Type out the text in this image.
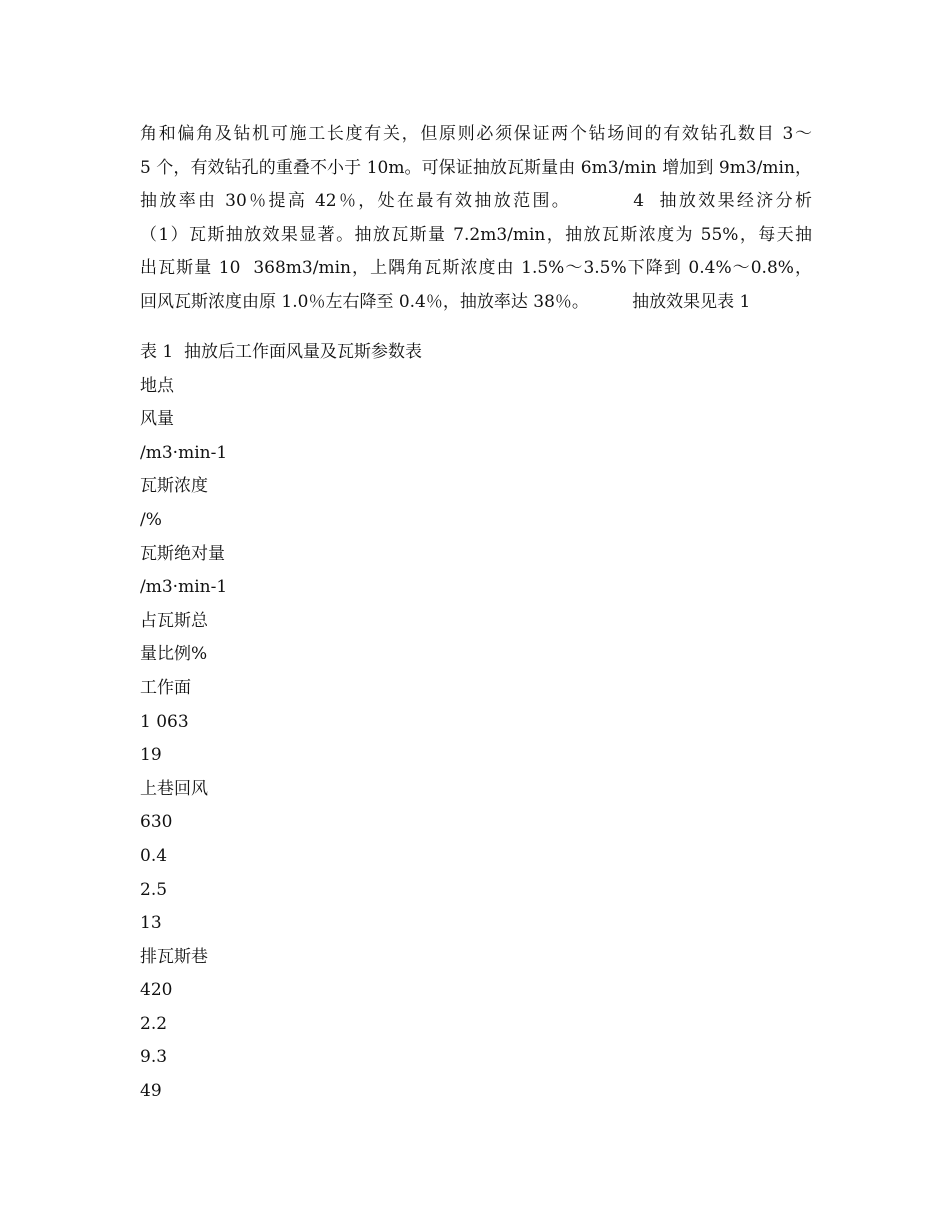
角和偏角及钻机可施工长度有关，但原则必须保证两个钻场间的有效钻孔数目 3～
5 个，有效钻孔的重叠不小于 10m。可保证抽放瓦斯量由 6m3/min 增加到 9m3/min，
抽放率由 30％提高 42％，处在最有效抽放范围。        4  抽放效果经济分析
（1）瓦斯抽放效果显著。抽放瓦斯量 7.2m3/min，抽放瓦斯浓度为 55%，每天抽
出瓦斯量 10  368m3/min，上隅角瓦斯浓度由 1.5%～3.5%下降到 0.4%～0.8%，
回风瓦斯浓度由原 1.0％左右降至 0.4％，抽放率达 38％。        抽放效果见表 1
表 1  抽放后工作面风量及瓦斯参数表
地点
风量
/m3·min-1
瓦斯浓度
/%
瓦斯绝对量
/m3·min-1
占瓦斯总
量比例%
工作面
1 063
19
上巷回风
630
0.4
2.5
13
排瓦斯巷
420
2.2
9.3
49
